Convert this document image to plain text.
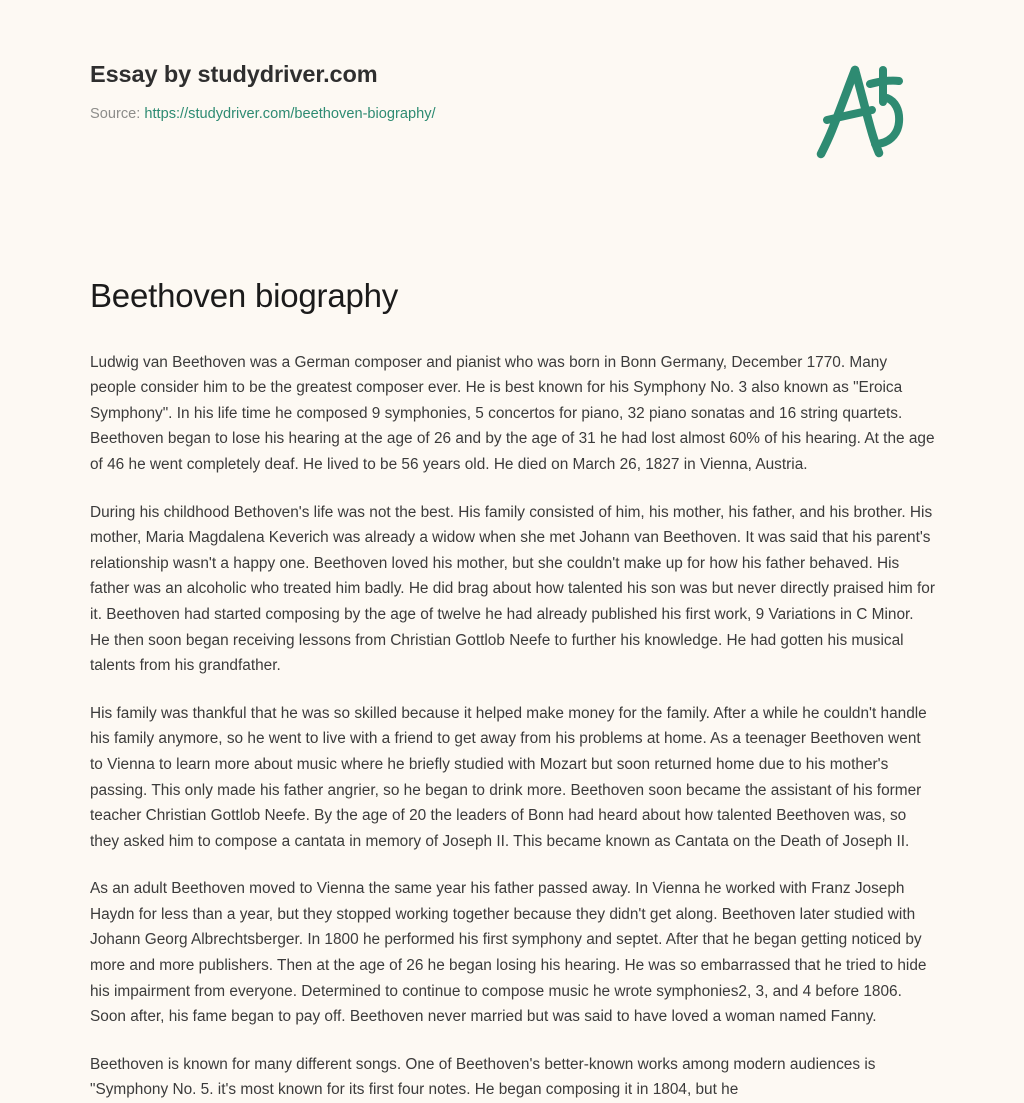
Essay by studydriver.com
Source: https://studydriver.com/beethoven-biography/
Beethoven biography

Ludwig van Beethoven was a German composer and pianist who was born in Bonn Germany, December 1770. Many people consider him to be the greatest composer ever. He is best known for his Symphony No. 3 also known as "Eroica Symphony". In his life time he composed 9 symphonies, 5 concertos for piano, 32 piano sonatas and 16 string quartets. Beethoven began to lose his hearing at the age of 26 and by the age of 31 he had lost almost 60% of his hearing. At the age of 46 he went completely deaf. He lived to be 56 years old. He died on March 26, 1827 in Vienna, Austria.

During his childhood Bethoven's life was not the best. His family consisted of him, his mother, his father, and his brother. His mother, Maria Magdalena Keverich was already a widow when she met Johann van Beethoven. It was said that his parent's relationship wasn't a happy one. Beethoven loved his mother, but she couldn't make up for how his father behaved. His father was an alcoholic who treated him badly. He did brag about how talented his son was but never directly praised him for it. Beethoven had started composing by the age of twelve he had already published his first work, 9 Variations in C Minor. He then soon began receiving lessons from Christian Gottlob Neefe to further his knowledge. He had gotten his musical talents from his grandfather.

His family was thankful that he was so skilled because it helped make money for the family. After a while he couldn't handle his family anymore, so he went to live with a friend to get away from his problems at home. As a teenager Beethoven went to Vienna to learn more about music where he briefly studied with Mozart but soon returned home due to his mother's passing. This only made his father angrier, so he began to drink more. Beethoven soon became the assistant of his former teacher Christian Gottlob Neefe. By the age of 20 the leaders of Bonn had heard about how talented Beethoven was, so they asked him to compose a cantata in memory of Joseph II. This became known as Cantata on the Death of Joseph II.

As an adult Beethoven moved to Vienna the same year his father passed away. In Vienna he worked with Franz Joseph Haydn for less than a year, but they stopped working together because they didn't get along. Beethoven later studied with Johann Georg Albrechtsberger. In 1800 he performed his first symphony and septet. After that he began getting noticed by more and more publishers. Then at the age of 26 he began losing his hearing. He was so embarrassed that he tried to hide his impairment from everyone. Determined to continue to compose music he wrote symphonies2, 3, and 4 before 1806. Soon after, his fame began to pay off. Beethoven never married but was said to have loved a woman named Fanny.

Beethoven is known for many different songs. One of Beethoven's better-known works among modern audiences is "Symphony No. 5. it's most known for its first four notes. He began composing it in 1804, but he
